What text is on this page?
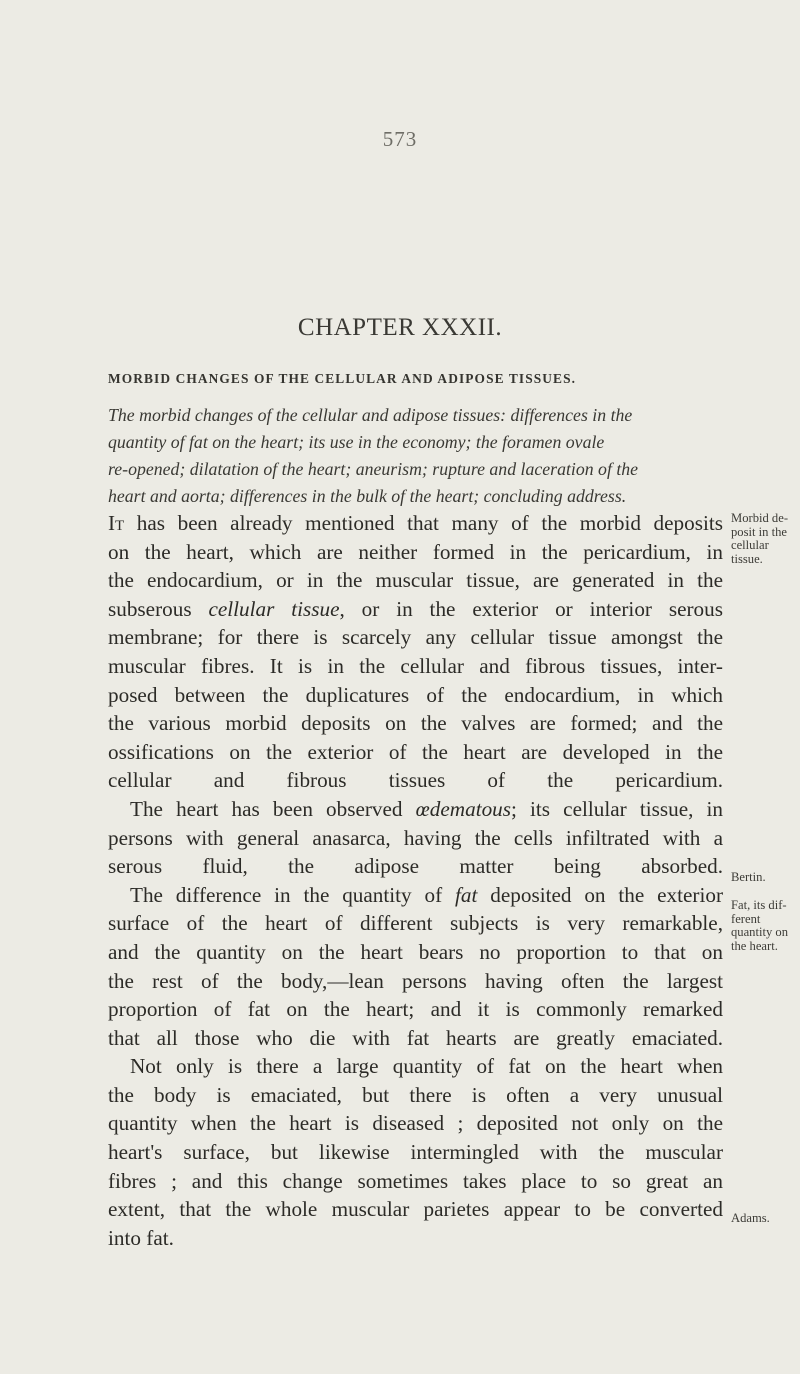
573
CHAPTER XXXII.
MORBID CHANGES OF THE CELLULAR AND ADIPOSE TISSUES.
The morbid changes of the cellular and adipose tissues: differences in the
quantity of fat on the heart; its use in the economy; the foramen ovale
re-opened; dilatation of the heart; aneurism; rupture and laceration of the
heart and aorta; differences in the bulk of the heart; concluding address.
It has been already mentioned that many of the morbid deposits
on the heart, which are neither formed in the pericardium, in
the endocardium, or in the muscular tissue, are generated in the
subserous cellular tissue, or in the exterior or interior serous
membrane; for there is scarcely any cellular tissue amongst the
muscular fibres. It is in the cellular and fibrous tissues, inter-
posed between the duplicatures of the endocardium, in which
the various morbid deposits on the valves are formed; and the
ossifications on the exterior of the heart are developed in the
cellular and fibrous tissues of the pericardium.
The heart has been observed œdematous; its cellular tissue, in
persons with general anasarca, having the cells infiltrated with a
serous fluid, the adipose matter being absorbed.
The difference in the quantity of fat deposited on the exterior
surface of the heart of different subjects is very remarkable,
and the quantity on the heart bears no proportion to that on
the rest of the body,—lean persons having often the largest
proportion of fat on the heart; and it is commonly remarked
that all those who die with fat hearts are greatly emaciated.
Not only is there a large quantity of fat on the heart when
the body is emaciated, but there is often a very unusual
quantity when the heart is diseased ; deposited not only on the
heart's surface, but likewise intermingled with the muscular
fibres ; and this change sometimes takes place to so great an
extent, that the whole muscular parietes appear to be converted
into fat.
Morbid de-
posit in the
cellular
tissue.
Bertin.
Fat, its dif-
ferent
quantity on
the heart.
Adams.
